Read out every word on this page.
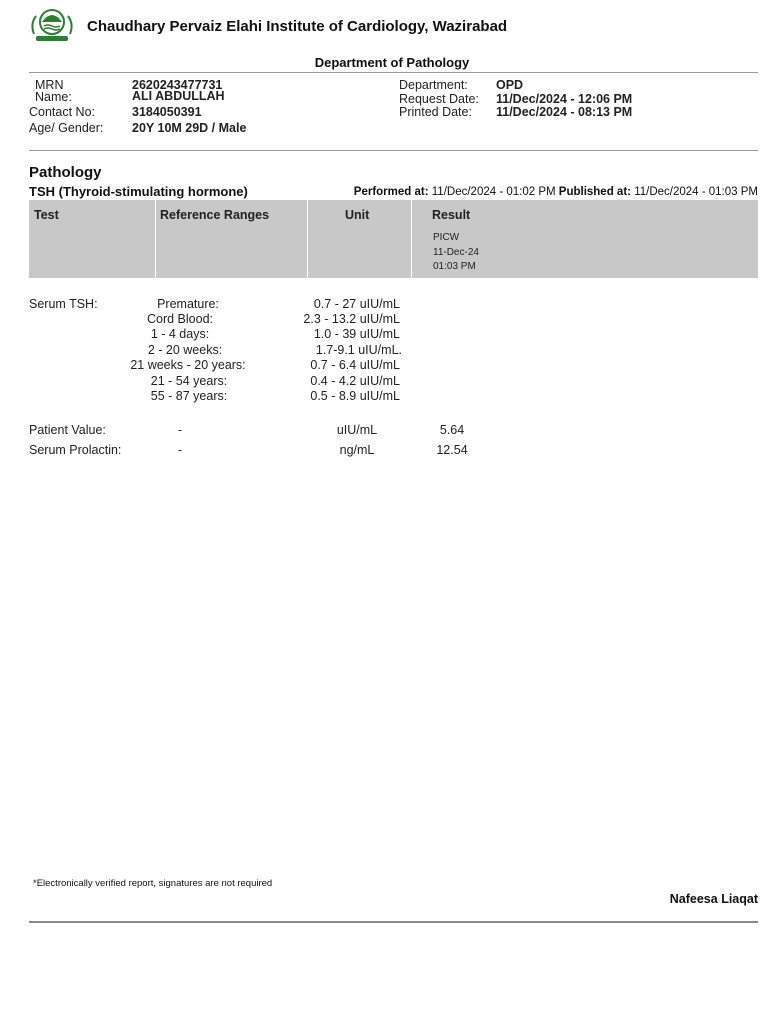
Chaudhary Pervaiz Elahi Institute of Cardiology, Wazirabad
Department of Pathology
MRN	2620243477731
Name:	ALI ABDULLAH
Contact No:	3184050391
Age/ Gender: 20Y 10M 29D / Male
Department: OPD
Request Date: 11/Dec/2024 - 12:06 PM
Printed Date: 11/Dec/2024 - 08:13 PM
Pathology
TSH (Thyroid-stimulating hormone)	Performed at: 11/Dec/2024 - 01:02 PM Published at: 11/Dec/2024 - 01:03 PM
Test	Reference Ranges	Unit	Result
PICW
11-Dec-24
01:03 PM
Serum TSH:	Premature:	0.7 - 27 uIU/mL
Cord Blood:	2.3 - 13.2 uIU/mL
1 - 4 days:	1.0 - 39 uIU/mL
2 - 20 weeks:	1.7-9.1 uIU/mL.
21 weeks - 20 years:	0.7 - 6.4 uIU/mL
21 - 54 years:	0.4 - 4.2 uIU/mL
55 - 87 years:	0.5 - 8.9 uIU/mL
Patient Value:	-	uIU/mL	5.64
Serum Prolactin:	-	ng/mL	12.54
*Electronically verified report, signatures are not required
Nafeesa Liaqat
